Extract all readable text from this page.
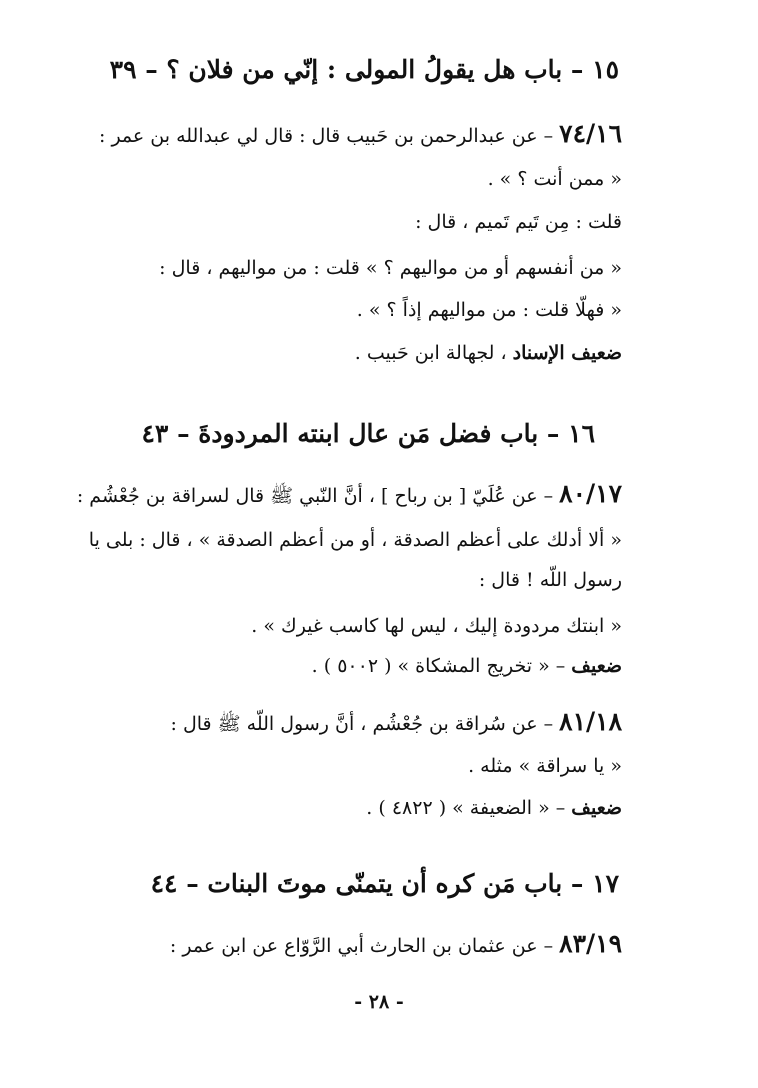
١٥ – باب هل يقولُ المولى : إنّي من فلان ؟ – ٣٩
٧٤/١٦ – عن عبدالرحمن بن حَبيب قال : قال لي عبدالله بن عمر :
« ممن أنت ؟ » .
قلت : مِن تَيم تَميم ، قال :
« من أنفسهم أو من مواليهم ؟ » قلت : من مواليهم ، قال :
« فهلّا قلت : من مواليهم إذاً ؟ » .
ضعيف الإسناد ، لجهالة ابن حَبيب .
١٦ – باب فضل مَن عال ابنته المردودةَ – ٤٣
٨٠/١٧ – عن عُلَيّ [ بن رباح ] ، أنَّ النّبي ﷺ قال لسراقة بن جُعْشُم :
« ألا أدلك على أعظم الصدقة ، أو من أعظم الصدقة » ، قال : بلى يا
رسول اللّه ! قال :
« ابنتك مردودة إليك ، ليس لها كاسب غيرك » .
ضعيف – « تخريج المشكاة » ( ٥٠٠٢ ) .
٨١/١٨ – عن سُراقة بن جُعْشُم ، أنَّ رسول اللّه ﷺ قال :
« يا سراقة » مثله .
ضعيف – « الضعيفة » ( ٤٨٢٢ ) .
١٧ – باب مَن كره أن يتمنّى موتَ البنات – ٤٤
٨٣/١٩ – عن عثمان بن الحارث أبي الرَّوّاع عن ابن عمر :
- ٢٨ -
